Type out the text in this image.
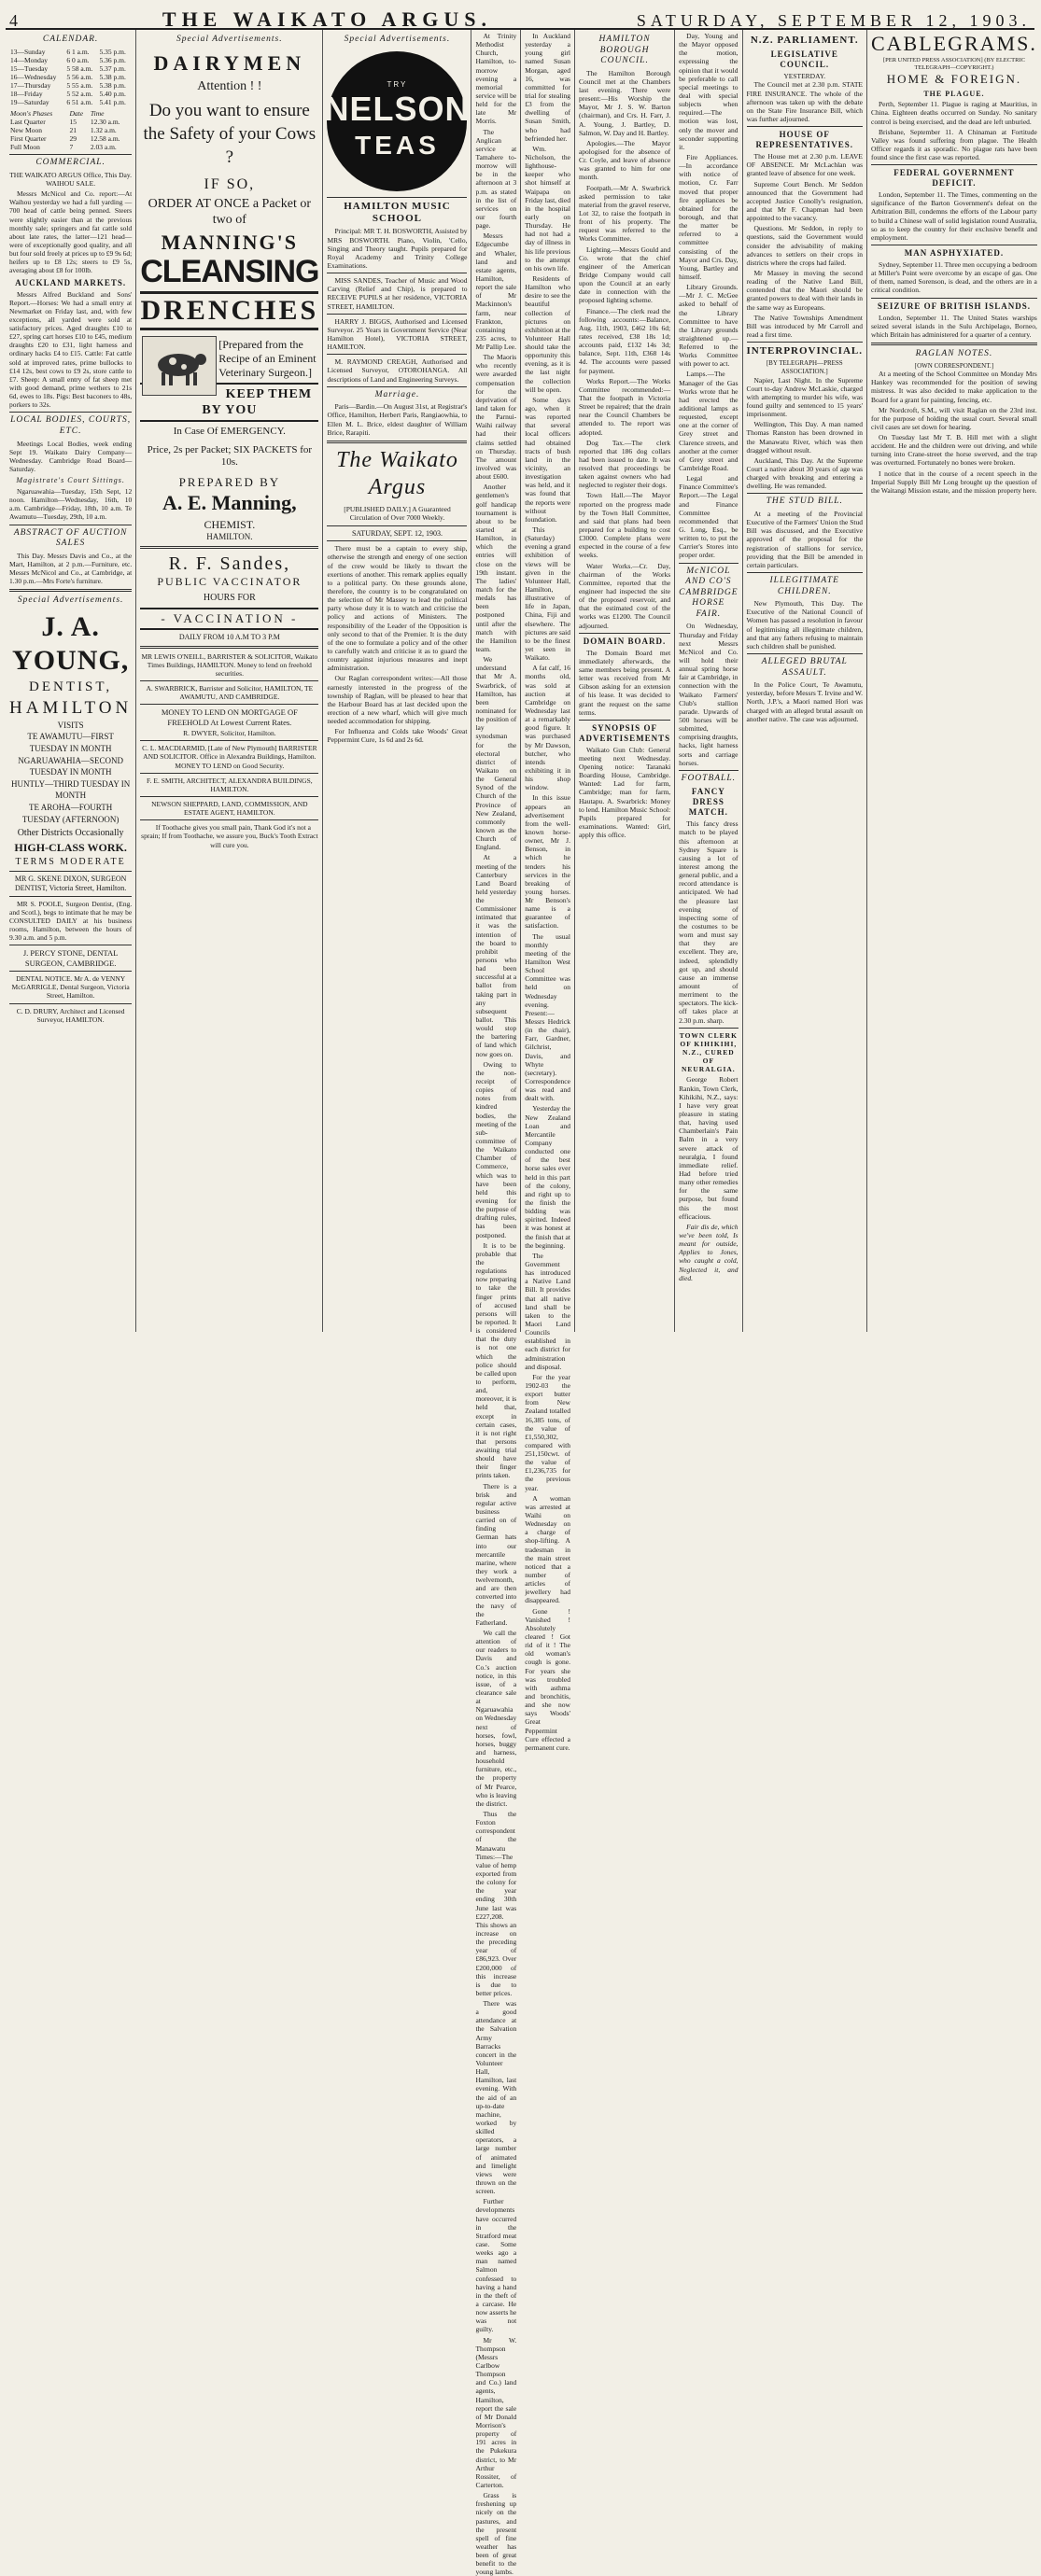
4	THE WAIKATO ARGUS.	SATURDAY, SEPTEMBER 12, 1903.
CALENDAR.
13—Sunday	6 1 a.m.	5.35 p.m.
14—Monday	6 0 a.m.	5.36 p.m.
15—Tuesday	5 58 a.m.	5.37 p.m.
16—Wednesday	5 56 a.m.	5.38 p.m.
17—Thursday	5 55 a.m.	5.38 p.m.
18—Friday	5 52 a.m.	5.40 p.m.
19—Saturday	6 51 a.m.	5.41 p.m.
Moon's Phases	Date	Time
Last Quarter	15	12.30 a.m.
New Moon	21	1.32 a.m.
First Quarter	29	12.58 a.m.
Full Moon	7	2.03 a.m.
COMMERCIAL.

THE WAIKATO ARGUS Office, This Day. WAIHOU SALE.

Messrs McNicol and Co. report:—At Waihou yesterday we had a full yarding —700 head of cattle being penned. Steers were slightly easier than at the previous monthly sale; springers and fat cattle sold about late rates, the latter—121 head—were of exceptionally good quality, and all but four sold freely at prices up to £9 9s 6d; heifers up to £8 12s; steers to £9 5s, averaging about £8 for 100lb.

AUCKLAND MARKETS.

Messrs Alfred Buckland and Sons' Report.—Horses: We had a small entry at Newmarket on Friday last, and, with few exceptions, all yarded were sold at satisfactory prices. Aged draughts £10 to £27, spring cart horses £10 to £45, medium draughts £20 to £31, light harness and ordinary hacks £4 to £15. Cattle: Fat cattle sold at improved rates, prime bullocks to £14 12s, best cows to £9 2s, store cattle to £7. Sheep: A small entry of fat sheep met with good demand, prime wethers to 21s 6d, ewes to 18s. Pigs: Best baconers to 48s, porkers to 32s.

LOCAL BODIES, COURTS, ETC.

Meetings Local Bodies, week ending Sept 19. Waikato Dairy Company—Wednesday. Cambridge Road Board—Saturday.

Magistrate's Court Sittings.

Ngaruawahia—Tuesday, 15th Sept, 12 noon. Hamilton—Wednesday, 16th, 10 a.m. Cambridge—Friday, 18th, 10 a.m. Te Awamutu—Tuesday, 29th, 10 a.m.

ABSTRACT OF AUCTION SALES

This Day. Messrs Davis and Co., at the Mart, Hamilton, at 2 p.m.—Furniture, etc. Messrs McNicol and Co., at Cambridge, at 1.30 p.m.—Mrs Forte's furniture.

Special Advertisements.
J. A. YOUNG,
DENTIST,
HAMILTON
VISITS
TE AWAMUTU—FIRST TUESDAY IN MONTH
NGARUAWAHIA—SECOND TUESDAY IN MONTH
HUNTLY—THIRD TUESDAY IN MONTH
TE AROHA—FOURTH TUESDAY (AFTERNOON)
Other Districts Occasionally
HIGH-CLASS WORK.
TERMS MODERATE

MR G. SKENE DIXON, SURGEON DENTIST, Victoria Street, Hamilton.

MR S. POOLE, Surgeon Dentist, (Eng. and Scotl.), begs to intimate that he may be CONSULTED DAILY at his business rooms, Hamilton, between the hours of 9.30 a.m. and 5 p.m.

J. PERCY STONE, DENTAL SURGEON, CAMBRIDGE.

DENTAL NOTICE. Mr A. de VENNY McGARRIGLE, Dental Surgeon, Victoria Street, Hamilton.

C. D. DRURY, Architect and Licensed Surveyor, HAMILTON.

Special Advertisements.
DAIRYMEN
Attention ! !
Do you want to ensure the Safety of your Cows ?
IF SO,
ORDER AT ONCE a Packet or two of
MANNING'S
CLEANSING
DRENCHES
[Prepared from the Recipe of an Eminent Veterinary Surgeon.]
KEEP THEM BY YOU
In Case Of EMERGENCY.
Price, 2s per Packet; SIX PACKETS for 10s.
PREPARED BY
A. E. Manning,
CHEMIST.
HAMILTON.
R. F. Sandes,
PUBLIC VACCINATOR
HOURS FOR
- VACCINATION -
DAILY FROM 10 A.M TO 3 P.M

MR LEWIS O'NEILL, BARRISTER & SOLICITOR, Waikato Times Buildings, HAMILTON. Money to lend on freehold securities.

A. SWARBRICK, Barrister and Solicitor, HAMILTON, TE AWAMUTU, AND CAMBRIDGE.

MONEY TO LEND ON MORTGAGE OF FREEHOLD At Lowest Current Rates.

R. DWYER, Solicitor, Hamilton.

C. L. MACDIARMID, [Late of New Plymouth] BARRISTER AND SOLICITOR. Office in Alexandra Buildings, Hamilton. MONEY TO LEND on Good Security.

F. E. SMITH, ARCHITECT, ALEXANDRA BUILDINGS, HAMILTON.

NEWSON SHEPPARD, LAND, COMMISSION, AND ESTATE AGENT, HAMILTON.

If Toothache gives you small pain, Thank God it's not a sprain; If from Toothache, we assure you, Buck's Tooth Extract will cure you.

Special Advertisements.
TRY
NELSON
TEAS
HAMILTON MUSIC SCHOOL

Principal: MR T. H. BOSWORTH, Assisted by MRS BOSWORTH. Piano, Violin, 'Cello, Singing and Theory taught. Pupils prepared for Royal Academy and Trinity College Examinations.

MISS SANDES, Teacher of Music and Wood Carving (Relief and Chip), is prepared to RECEIVE PUPILS at her residence, VICTORIA STREET, HAMILTON.

HARRY J. BIGGS, Authorised and Licensed Surveyor. 25 Years in Government Service (Near Hamilton Hotel), VICTORIA STREET, HAMILTON.

M. RAYMOND CREAGH, Authorised and Licensed Surveyor, OTOROHANGA. All descriptions of Land and Engineering Surveys.

Marriage.

Paris—Bardin.—On August 31st, at Registrar's Office, Hamilton, Herbert Paris, Rangiaowhia, to Ellen M. L. Brice, eldest daughter of William Brice, Rarapiti.

The Waikato Argus

[PUBLISHED DAILY.] A Guaranteed Circulation of Over 7000 Weekly.

SATURDAY, SEPT. 12, 1903.

There must be a captain to every ship, otherwise the strength and energy of one section of the crew would be likely to thwart the exertions of another. This remark applies equally to a political party. On these grounds alone, therefore, the country is to be congratulated on the selection of Mr Massey to lead the political party whose duty it is to watch and criticise the policy and actions of Ministers. The responsibility of the Leader of the Opposition is only second to that of the Premier. It is the duty of the one to formulate a policy and of the other to carefully watch and criticise it as to guard the country against injurious measures and inept administration.

Our Raglan correspondent writes:—All those earnestly interested in the progress of the township of Raglan, will be pleased to hear that the Harbour Board has at last decided upon the erection of a new wharf, which will give much needed accommodation for shipping.

For Influenza and Colds take Woods' Great Peppermint Cure, 1s 6d and 2s 6d.

At Trinity Methodist Church, Hamilton, to-morrow evening a memorial service will be held for the late Mr Morris.

The Anglican service at Tamahere to-morrow will be in the afternoon at 3 p.m. as stated in the list of services on our fourth page.

Messrs Edgecumbe and Whaler, land and estate agents, Hamilton, report the sale of Mr Mackinnon's farm, near Frankton, containing 235 acres, to Mr Pallip Lee.

The Maoris who recently were awarded compensation for the deprivation of land taken for the Parnui-Waihi railway had their claims settled on Thursday. The amount involved was about £600.

Another gentlemen's golf handicap tournament is about to be started at Hamilton, in which the entries will close on the 19th instant. The ladies' match for the medals has been postponed until after the match with the Hamilton team.

We understand that Mr A. Swarbrick, of Hamilton, has been nominated for the position of lay synodsman for the electoral district of Waikato on the General Synod of the Church of the Province of New Zealand, commonly known as the Church of England.

At a meeting of the Canterbury Land Board held yesterday the Commissioner intimated that it was the intention of the board to prohibit persons who had been successful at a ballot from taking part in any subsequent ballot. This would stop the bartering of land which now goes on.

Owing to the non-receipt of copies of notes from kindred bodies, the meeting of the sub-committee of the Waikato Chamber of Commerce, which was to have been held this evening for the purpose of drafting rules, has been postponed.

It is to be probable that the regulations now preparing to take the finger prints of accused persons will be reported. It is considered that the duty is not one which the police should be called upon to perform, and, moreover, it is held that, except in certain cases, it is not right that persons awaiting trial should have their finger prints taken.

There is a brisk and regular active business carried on of finding German hats into our mercantile marine, where they work a twelvemonth, and are then converted into the navy of the Fatherland.

We call the attention of our readers to Davis and Co.'s auction notice, in this issue, of a clearance sale at Ngaruawahia on Wednesday next of horses, fowl, horses, buggy and harness, household furniture, etc., the property of Mr Pearce, who is leaving the district.

Thus the Foxton correspondent of the Manawatu Times:—The value of hemp exported from the colony for the year ending 30th June last was £227,208. This shows an increase on the preceding year of £86,923. Over £200,000 of this increase is due to better prices.

There was a good attendance at the Salvation Army Barracks concert in the Volunteer Hall, Hamilton, last evening. With the aid of an up-to-date machine, worked by skilled operators, a large number of animated and limelight views were thrown on the screen.

Further developments have occurred in the Stratford meat case. Some weeks ago a man named Salmon confessed to having a hand in the theft of a carcase. He now asserts he was not guilty.

Mr W. Thompson (Messrs Carlbow Thompson and Co.) land agents, Hamilton, report the sale of Mr Donald Morrison's property of 191 acres in the Pukekura district, to Mr Arthur Rossiter, of Carterton.

Grass is freshening up nicely on the pastures, and the present spell of fine weather has been of great benefit to the young lambs.

In Auckland yesterday a young girl named Susan Morgan, aged 16, was committed for trial for stealing £3 from the dwelling of Susan Smith, who had befriended her.

Wm. Nicholson, the lighthouse-keeper who shot himself at Waipapa on Friday last, died in the hospital early on Thursday. He had not had a day of illness in his life previous to the attempt on his own life.

Residents of Hamilton who desire to see the beautiful collection of pictures on exhibition at the Volunteer Hall should take the opportunity this evening, as it is the last night the collection will be open.

Some days ago, when it was reported that several local officers had obtained tracts of bush land in the vicinity, an investigation was held, and it was found that the reports were without foundation.

This (Saturday) evening a grand exhibition of views will be given in the Volunteer Hall, Hamilton, illustrative of life in Japan, China, Fiji and elsewhere. The pictures are said to be the finest yet seen in Waikato.

A fat calf, 16 months old, was sold at auction at Cambridge on Wednesday last at a remarkably good figure. It was purchased by Mr Dawson, butcher, who intends exhibiting it in his shop window.

In this issue appears an advertisement from the well-known horse-owner, Mr J. Benson, in which he tenders his services in the breaking of young horses. Mr Benson's name is a guarantee of satisfaction.

The usual monthly meeting of the Hamilton West School Committee was held on Wednesday evening. Present:—Messrs Hedrick (in the chair), Farr, Gardner, Gilchrist, Davis, and Whyte (secretary). Correspondence was read and dealt with.

Yesterday the New Zealand Loan and Mercantile Company conducted one of the best horse sales ever held in this part of the colony, and right up to the finish the bidding was spirited. Indeed it was honest at the finish that at the beginning.

The Government has introduced a Native Land Bill. It provides that all native land shall be taken to the Maori Land Councils established in each district for administration and disposal.

For the year 1902-03 the export butter from New Zealand totalled 16,385 tons, of the value of £1,550,302, compared with 251,150cwt. of the value of £1,236,735 for the previous year.

A woman was arrested at Waihi on Wednesday on a charge of shop-lifting. A tradesman in the main street noticed that a number of articles of jewellery had disappeared.

Gone ! Vanished ! Absolutely cleared ! Got rid of it ! The old woman's cough is gone. For years she was troubled with asthma and bronchitis, and she now says Woods' Great Peppermint Cure effected a permanent cure.

HAMILTON BOROUGH COUNCIL.

The Hamilton Borough Council met at the Chambers last evening. There were present:—His Worship the Mayor, Mr J. S. W. Barton (chairman), and Crs. H. Farr, J. A. Young, J. Bartley, D. Salmon, W. Day and H. Bartley.

Apologies.—The Mayor apologised for the absence of Cr. Coyle, and leave of absence was granted to him for one month.

Footpath.—Mr A. Swarbrick asked permission to take material from the gravel reserve, Lot 32, to raise the footpath in front of his property. The request was referred to the Works Committee.

Lighting.—Messrs Gould and Co. wrote that the chief engineer of the American Bridge Company would call upon the Council at an early date in connection with the proposed lighting scheme.

Finance.—The clerk read the following accounts:—Balance, Aug. 11th, 1903, £462 10s 6d; rates received, £38 18s 1d; accounts paid, £132 14s 3d; balance, Sept. 11th, £368 14s 4d. The accounts were passed for payment.

Works Report.—The Works Committee recommended:—That the footpath in Victoria Street be repaired; that the drain near the Council Chambers be attended to. The report was adopted.

Dog Tax.—The clerk reported that 186 dog collars had been issued to date. It was resolved that proceedings be taken against owners who had neglected to register their dogs.

Town Hall.—The Mayor reported on the progress made by the Town Hall Committee, and said that plans had been prepared for a building to cost £3000. Complete plans were expected in the course of a few weeks.

Water Works.—Cr. Day, chairman of the Works Committee, reported that the engineer had inspected the site of the proposed reservoir, and that the estimated cost of the works was £1200. The Council adjourned.

DOMAIN BOARD.

The Domain Board met immediately afterwards, the same members being present. A letter was received from Mr Gibson asking for an extension of his lease. It was decided to grant the request on the same terms.

SYNOPSIS OF ADVERTISEMENTS

Waikato Gun Club: General meeting next Wednesday. Opening notice: Taranaki Boarding House, Cambridge. Wanted: Lad for farm, Cambridge; man for farm, Hautapu. A. Swarbrick: Money to lend. Hamilton Music School: Pupils prepared for examinations. Wanted: Girl, apply this office.

Day, Young and the Mayor opposed the motion, expressing the opinion that it would be preferable to call special meetings to deal with special subjects when required.—The motion was lost, only the mover and seconder supporting it.

Fire Appliances.—In accordance with notice of motion, Cr. Farr moved that proper fire appliances be obtained for the borough, and that the matter be referred to a committee consisting of the Mayor and Crs. Day, Young, Bartley and himself.

Library Grounds.—Mr J. C. McGee asked to behalf of the Library Committee to have the Library grounds straightened up.—Referred to the Works Committee with power to act.

Lamps.—The Manager of the Gas Works wrote that he had erected the additional lamps as requested, except one at the corner of Grey street and Clarence streets, and another at the corner of Grey street and Cambridge Road.

Legal and Finance Committee's Report.—The Legal and Finance Committee recommended that G. Long, Esq., be written to, to put the Carrier's Stores into proper order.

McNICOL AND CO'S CAMBRIDGE HORSE FAIR.

On Wednesday, Thursday and Friday next Messrs McNicol and Co. will hold their annual spring horse fair at Cambridge, in connection with the Waikato Farmers' Club's stallion parade. Upwards of 500 horses will be submitted, comprising draughts, hacks, light harness sorts and carriage horses.

FOOTBALL.
FANCY DRESS MATCH.

This fancy dress match to be played this afternoon at Sydney Square is causing a lot of interest among the general public, and a record attendance is anticipated. We had the pleasure last evening of inspecting some of the costumes to be worn and must say that they are excellent. They are, indeed, splendidly got up, and should cause an immense amount of merriment to the spectators. The kick-off takes place at 2.30 p.m. sharp.

TOWN CLERK OF KIHIKIHI, N.Z., CURED OF NEURALGIA.

George Robert Rankin, Town Clerk, Kihikihi, N.Z., says: I have very great pleasure in stating that, having used Chamberlain's Pain Balm in a very severe attack of neuralgia, I found immediate relief. Had before tried many other remedies for the same purpose, but found this the most efficacious.

Fair dis de, which we've been told, Is meant for outside, Applies to Jones, who caught a cold, Neglected it, and died.

N.Z. PARLIAMENT.
LEGISLATIVE COUNCIL.
YESTERDAY.

The Council met at 2.30 p.m. STATE FIRE INSURANCE. The whole of the afternoon was taken up with the debate on the State Fire Insurance Bill, which was further adjourned.

HOUSE OF REPRESENTATIVES.

The House met at 2.30 p.m. LEAVE OF ABSENCE. Mr McLachlan was granted leave of absence for one week.

Supreme Court Bench. Mr Seddon announced that the Government had accepted Justice Conolly's resignation, and that Mr F. Chapman had been appointed to the vacancy.

Questions. Mr Seddon, in reply to questions, said the Government would consider the advisability of making advances to settlers on their crops in districts where the crops had failed.

Mr Massey in moving the second reading of the Native Land Bill, contended that the Maori should be granted powers to deal with their lands in the same way as Europeans.

The Native Townships Amendment Bill was introduced by Mr Carroll and read a first time.

INTERPROVINCIAL.
[BY TELEGRAPH—PRESS ASSOCIATION.]

Napier, Last Night. In the Supreme Court to-day Andrew McLaskie, charged with attempting to murder his wife, was found guilty and sentenced to 15 years' imprisonment.

Wellington, This Day. A man named Thomas Ranston has been drowned in the Manawatu River, which was then dragged without result.

Auckland, This Day. At the Supreme Court a native about 30 years of age was charged with breaking and entering a dwelling. He was remanded.

THE STUD BILL.

At a meeting of the Provincial Executive of the Farmers' Union the Stud Bill was discussed, and the Executive approved of the proposal for the registration of stallions for service, providing that the Bill be amended in certain particulars.

ILLEGITIMATE CHILDREN.

New Plymouth, This Day. The Executive of the National Council of Women has passed a resolution in favour of legitimising all illegitimate children, and that any fathers refusing to maintain such children shall be punished.

ALLEGED BRUTAL ASSAULT.

In the Police Court, Te Awamutu, yesterday, before Messrs T. Irvine and W. North, J.P.'s, a Maori named Hori was charged with an alleged brutal assault on another native. The case was adjourned.

CABLEGRAMS.
[PER UNITED PRESS ASSOCIATION] (BY ELECTRIC TELEGRAPH—COPYRIGHT.)
HOME & FOREIGN.
THE PLAGUE.

Perth, September 11. Plague is raging at Mauritius, in China. Eighteen deaths occurred on Sunday. No sanitary control is being exercised, and the dead are left unburied.

Brisbane, September 11. A Chinaman at Fortitude Valley was found suffering from plague. The Health Officer regards it as sporadic. No plague rats have been found since the first case was reported.

FEDERAL GOVERNMENT DEFICIT.

London, September 11. The Times, commenting on the significance of the Barton Government's defeat on the Arbitration Bill, condemns the efforts of the Labour party to build a Chinese wall of solid legislation round Australia, so as to keep the country for their exclusive benefit and employment.

MAN ASPHYXIATED.

Sydney, September 11. Three men occupying a bedroom at Miller's Point were overcome by an escape of gas. One of them, named Sorenson, is dead, and the others are in a critical condition.

SEIZURE OF BRITISH ISLANDS.

London, September 11. The United States warships seized several islands in the Sulu Archipelago, Borneo, which Britain has administered for a quarter of a century.

RAGLAN NOTES.
[OWN CORRESPONDENT.]

At a meeting of the School Committee on Monday Mrs Hankey was recommended for the position of sewing mistress. It was also decided to make application to the Board for a grant for painting, fencing, etc.

Mr Nordcroft, S.M., will visit Raglan on the 23rd inst. for the purpose of holding the usual court. Several small civil cases are set down for hearing.

On Tuesday last Mr T. B. Hill met with a slight accident. He and the children were out driving, and while turning into Crane-street the horse swerved, and the trap was overturned. Fortunately no bones were broken.

I notice that in the course of a recent speech in the Imperial Supply Bill Mr Long brought up the question of the Waitangi Mission estate, and the mission property here.
